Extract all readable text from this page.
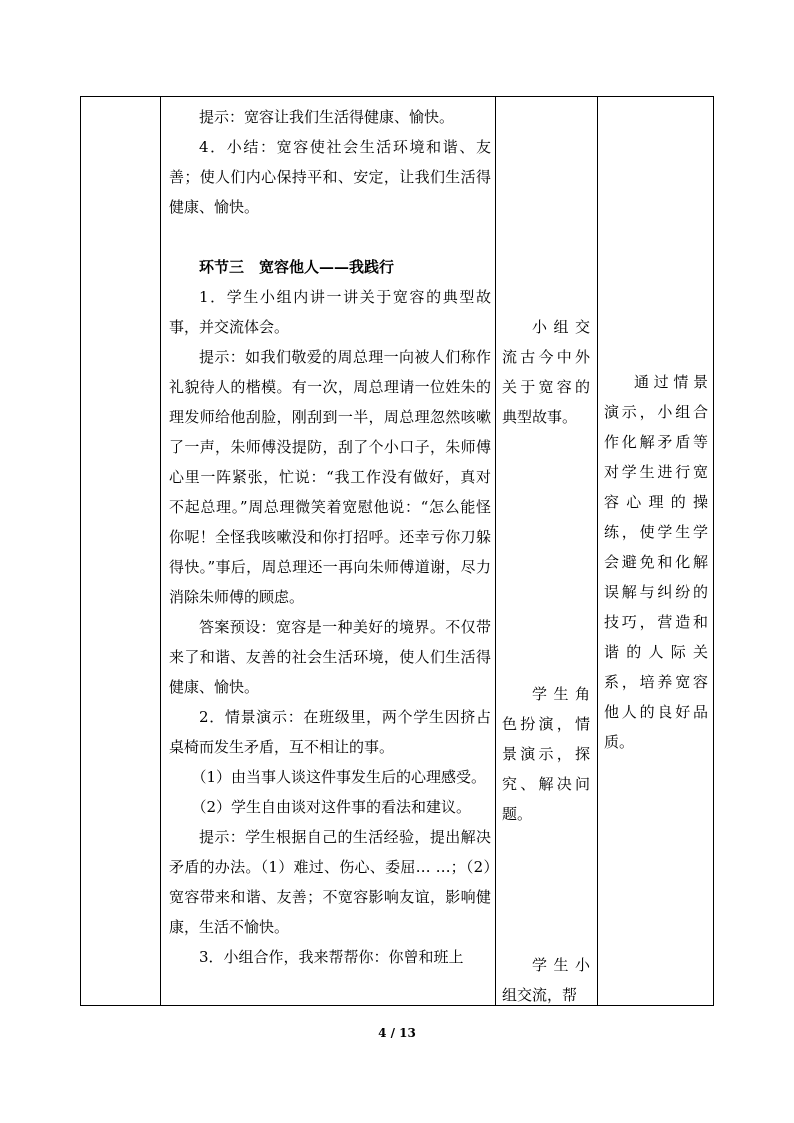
提示：宽容让我们生活得健康、愉快。

4．小结：宽容使社会生活环境和谐、友善；使人们内心保持平和、安定，让我们生活得健康、愉快。

环节三　宽容他人——我践行

1．学生小组内讲一讲关于宽容的典型故事，并交流体会。

提示：如我们敬爱的周总理一向被人们称作礼貌待人的楷模。有一次，周总理请一位姓朱的理发师给他刮脸，刚刮到一半，周总理忽然咳嗽了一声，朱师傅没提防，刮了个小口子，朱师傅心里一阵紧张，忙说：“我工作没有做好，真对不起总理。”周总理微笑着宽慰他说：“怎么能怪你呢！全怪我咳嗽没和你打招呼。还幸亏你刀躲得快。”事后，周总理还一再向朱师傅道谢，尽力消除朱师傅的顾虑。

答案预设：宽容是一种美好的境界。不仅带来了和谐、友善的社会生活环境，使人们生活得健康、愉快。

2．情景演示：在班级里，两个学生因挤占桌椅而发生矛盾，互不相让的事。

（1）由当事人谈这件事发生后的心理感受。

（2）学生自由谈对这件事的看法和建议。

提示：学生根据自己的生活经验，提出解决矛盾的办法。（1）难过、伤心、委屈… …；（2）宽容带来和谐、友善；不宽容影响友谊，影响健康，生活不愉快。

3．小组合作，我来帮帮你：你曾和班上

小组交流古今中外关于宽容的典型故事。

学生角色扮演，情景演示，探究、解决问题。

学生小组交流，帮

通过情景演示，小组合作化解矛盾等对学生进行宽容心理的操练，使学生学会避免和化解误解与纠纷的技巧，营造和谐的人际关系，培养宽容他人的良好品质。

4 / 13
